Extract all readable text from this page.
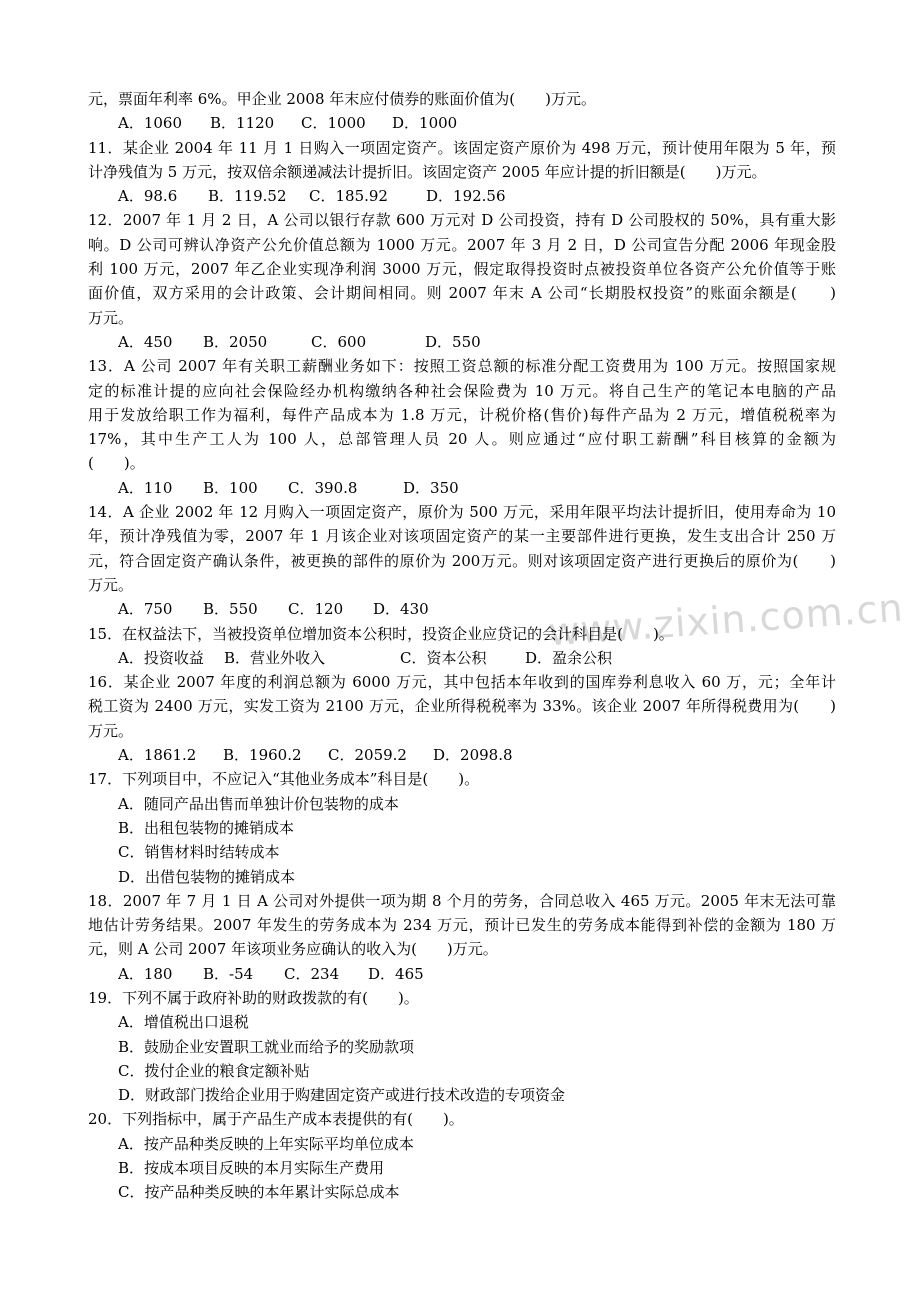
www.zixin.com.cn
元，票面年利率 6%。甲企业 2008 年末应付债券的账面价值为(　　)万元。
A．1060 B．1120 C．1000 D．1000
11．某企业 2004 年 11 月 1 日购入一项固定资产。该固定资产原价为 498 万元，预计使用年限为 5 年，预
计净残值为 5 万元，按双倍余额递减法计提折旧。该固定资产 2005 年应计提的折旧额是(　　)万元。
A．98.6 B．119.52 C．185.92	D．192.56
12．2007 年 1 月 2 日，A 公司以银行存款 600 万元对 D 公司投资，持有 D 公司股权的 50%，具有重大影
响。D 公司可辨认净资产公允价值总额为 1000 万元。2007 年 3 月 2 日，D 公司宣告分配 2006 年现金股
利 100 万元，2007 年乙企业实现净利润 3000 万元，假定取得投资时点被投资单位各资产公允价值等于账
面价值，双方采用的会计政策、会计期间相同。则 2007 年末 A 公司“长期股权投资”的账面余额是(　　)
万元。
A．450 B．2050	C．600	D．550
13．A 公司 2007 年有关职工薪酬业务如下：按照工资总额的标准分配工资费用为 100 万元。按照国家规
定的标准计提的应向社会保险经办机构缴纳各种社会保险费为 10 万元。将自己生产的笔记本电脑的产品
用于发放给职工作为福利，每件产品成本为 1.8 万元，计税价格(售价)每件产品为 2 万元，增值税税率为
17%，其中生产工人为 100 人，总部管理人员 20 人。则应通过“应付职工薪酬”科目核算的金额为
(　　)。
A．110 B．100 C．390.8	D．350
14．A 企业 2002 年 12 月购入一项固定资产，原价为 500 万元，采用年限平均法计提折旧，使用寿命为 10
年，预计净残值为零，2007 年 1 月该企业对该项固定资产的某一主要部件进行更换，发生支出合计 250 万
元，符合固定资产确认条件，被更换的部件的原价为 200万元。则对该项固定资产进行更换后的原价为(　　)
万元。
A．750 B．550 C．120 D．430
15．在权益法下，当被投资单位增加资本公积时，投资企业应贷记的会计科目是(　　)。
A．投资收益 B．营业外收入	C．资本公积	D．盈余公积
16．某企业 2007 年度的利润总额为 6000 万元，其中包括本年收到的国库券利息收入 60 万，元；全年计
税工资为 2400 万元，实发工资为 2100 万元，企业所得税税率为 33%。该企业 2007 年所得税费用为(　　)
万元。
A．1861.2 B．1960.2 C．2059.2 D．2098.8
17．下列项目中，不应记入“其他业务成本”科目是(　　)。
A．随同产品出售而单独计价包装物的成本
B．出租包装物的摊销成本
C．销售材料时结转成本
D．出借包装物的摊销成本
18．2007 年 7 月 1 日 A 公司对外提供一项为期 8 个月的劳务，合同总收入 465 万元。2005 年末无法可靠
地估计劳务结果。2007 年发生的劳务成本为 234 万元，预计已发生的劳务成本能得到补偿的金额为 180 万
元，则 A 公司 2007 年该项业务应确认的收入为(　　)万元。
A．180 B．-54 C．234 D．465
19．下列不属于政府补助的财政拨款的有(　　)。
A．增值税出口退税
B．鼓励企业安置职工就业而给予的奖励款项
C．拨付企业的粮食定额补贴
D．财政部门拨给企业用于购建固定资产或进行技术改造的专项资金
20．下列指标中，属于产品生产成本表提供的有(　　)。
A．按产品种类反映的上年实际平均单位成本
B．按成本项目反映的本月实际生产费用
C．按产品种类反映的本年累计实际总成本
